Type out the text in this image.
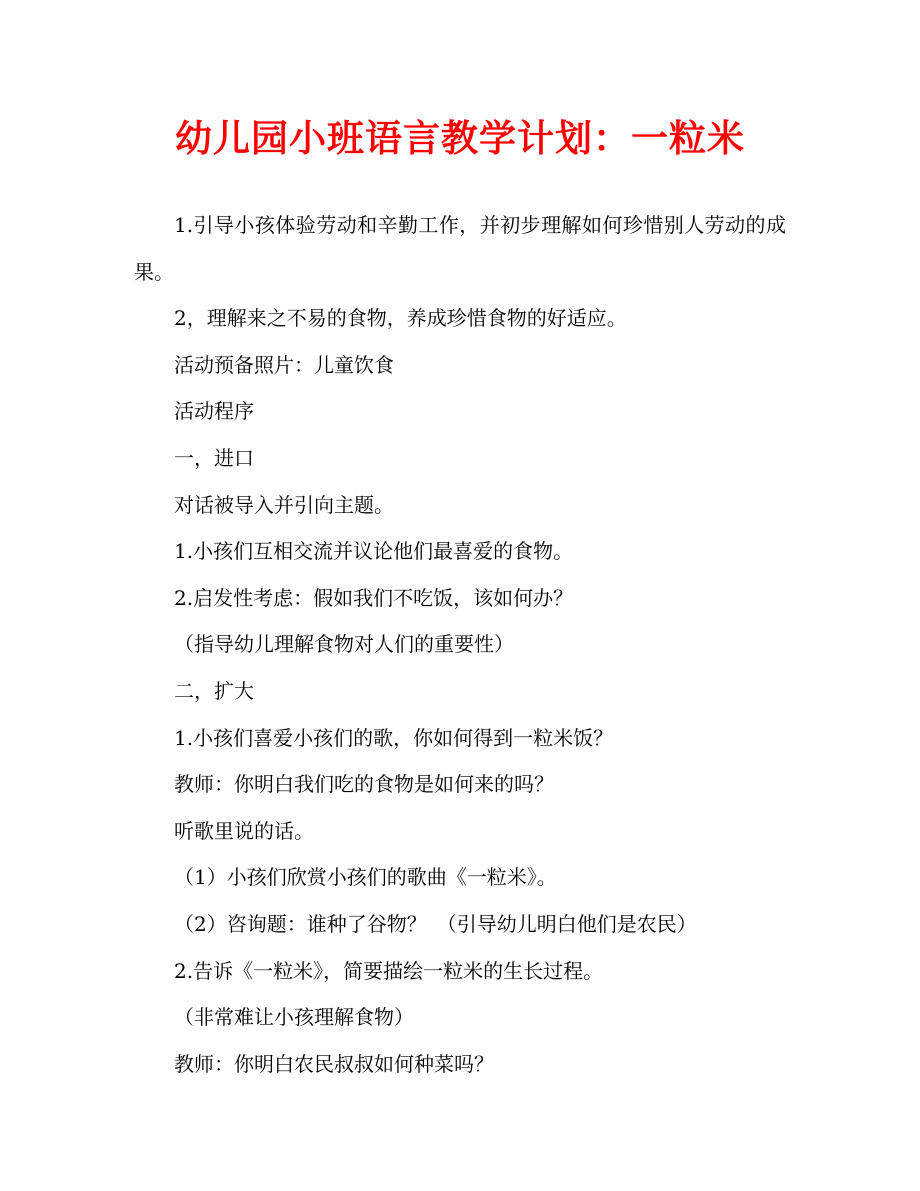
幼儿园小班语言教学计划：一粒米

1.引导小孩体验劳动和辛勤工作，并初步理解如何珍惜别人劳动的成果。

2，理解来之不易的食物，养成珍惜食物的好适应。

活动预备照片：儿童饮食

活动程序

一，进口

对话被导入并引向主题。

1.小孩们互相交流并议论他们最喜爱的食物。

2.启发性考虑：假如我们不吃饭，该如何办？

（指导幼儿理解食物对人们的重要性）

二，扩大

1.小孩们喜爱小孩们的歌，你如何得到一粒米饭？

教师：你明白我们吃的食物是如何来的吗？

听歌里说的话。

（1）小孩们欣赏小孩们的歌曲《一粒米》。

（2）咨询题：谁种了谷物？　（引导幼儿明白他们是农民）

2.告诉《一粒米》，简要描绘一粒米的生长过程。

（非常难让小孩理解食物）

教师：你明白农民叔叔如何种菜吗？
